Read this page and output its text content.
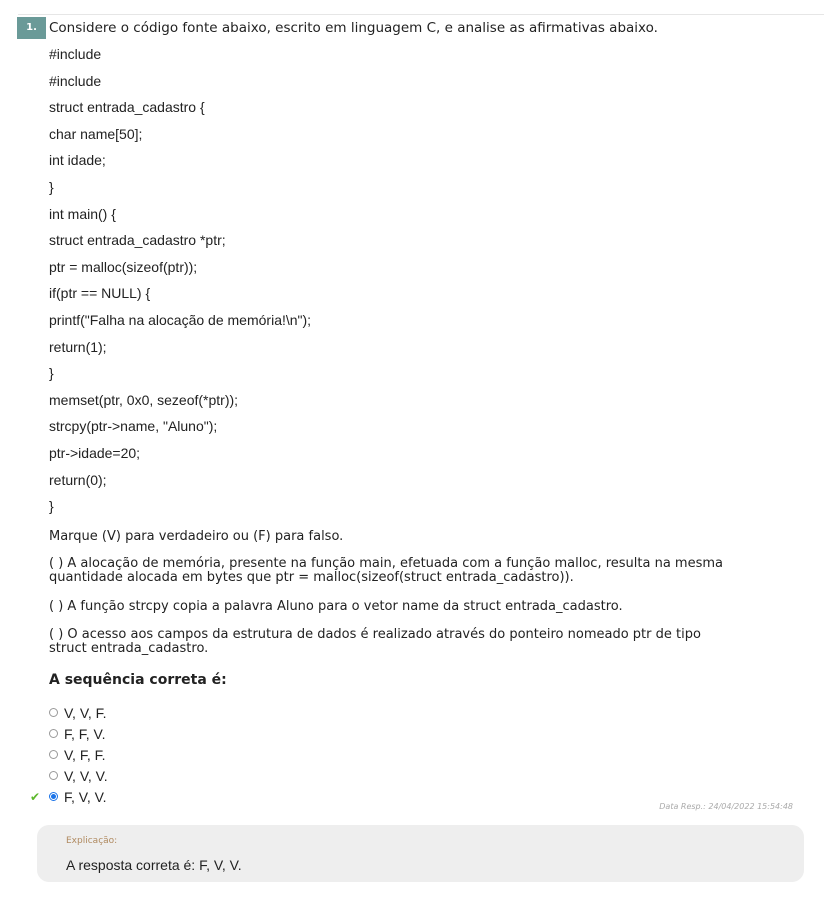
1. Considere o código fonte abaixo, escrito em linguagem C, e analise as afirmativas abaixo.
#include
#include
struct entrada_cadastro {
char name[50];
int idade;
}
int main() {
struct entrada_cadastro *ptr;
ptr = malloc(sizeof(ptr));
if(ptr == NULL) {
printf("Falha na alocação de memória!\n");
return(1);
}
memset(ptr, 0x0, sezeof(*ptr));
strcpy(ptr->name, "Aluno");
ptr->idade=20;
return(0);
}
Marque (V) para verdadeiro ou (F) para falso.
( ) A alocação de memória, presente na função main, efetuada com a função malloc, resulta na mesma quantidade alocada em bytes que ptr = malloc(sizeof(struct entrada_cadastro)).
( ) A função strcpy copia a palavra Aluno para o vetor name da struct entrada_cadastro.
( ) O acesso aos campos da estrutura de dados é realizado através do ponteiro nomeado ptr de tipo struct entrada_cadastro.
A sequência correta é:
V, V, F.
F, F, V.
V, F, F.
V, V, V.
✔ F, V, V.
Data Resp.: 24/04/2022 15:54:48
Explicação:
A resposta correta é: F, V, V.
